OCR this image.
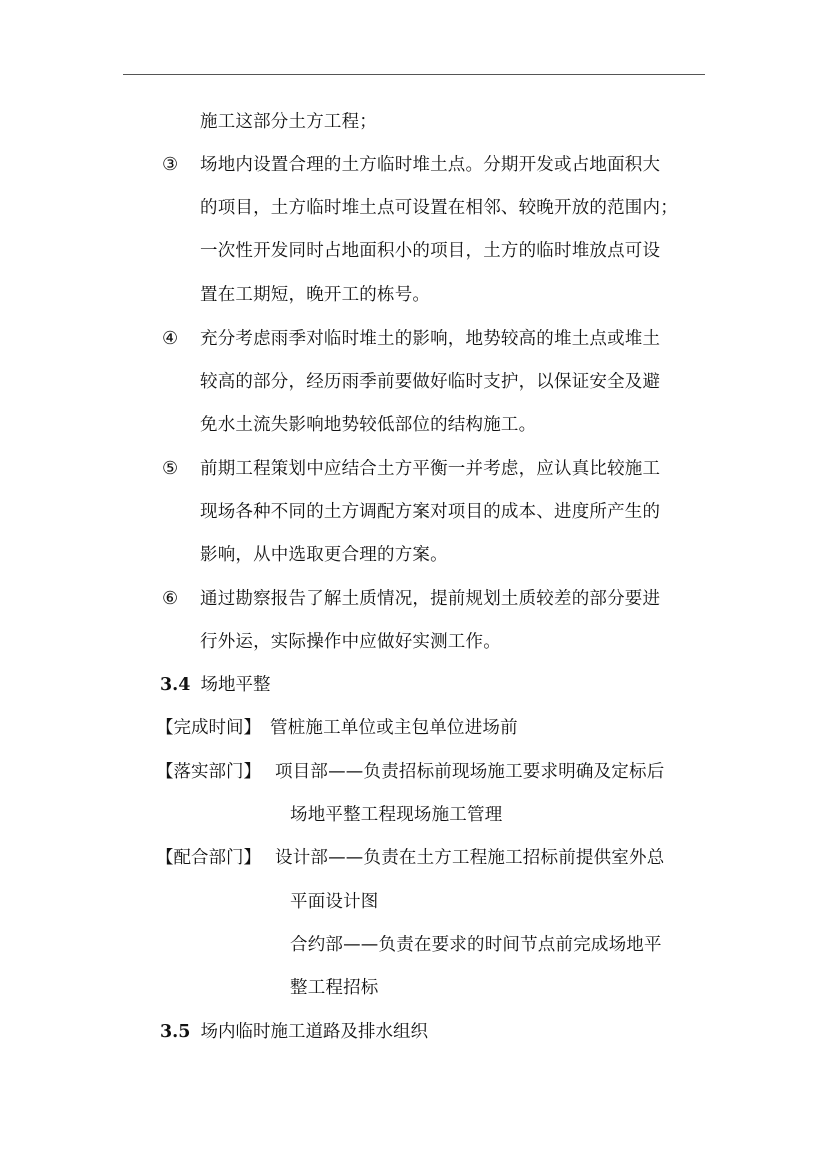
施工这部分土方工程；
③ 场地内设置合理的土方临时堆土点。分期开发或占地面积大
的项目，土方临时堆土点可设置在相邻、较晚开放的范围内；
一次性开发同时占地面积小的项目，土方的临时堆放点可设
置在工期短，晚开工的栋号。
④ 充分考虑雨季对临时堆土的影响，地势较高的堆土点或堆土
较高的部分，经历雨季前要做好临时支护，以保证安全及避
免水土流失影响地势较低部位的结构施工。
⑤ 前期工程策划中应结合土方平衡一并考虑，应认真比较施工
现场各种不同的土方调配方案对项目的成本、进度所产生的
影响，从中选取更合理的方案。
⑥ 通过勘察报告了解土质情况，提前规划土质较差的部分要进
行外运，实际操作中应做好实测工作。
3.4 场地平整
【完成时间】 管桩施工单位或主包单位进场前
【落实部门】 项目部——负责招标前现场施工要求明确及定标后
场地平整工程现场施工管理
【配合部门】 设计部——负责在土方工程施工招标前提供室外总
平面设计图
合约部——负责在要求的时间节点前完成场地平
整工程招标
3.5 场内临时施工道路及排水组织
